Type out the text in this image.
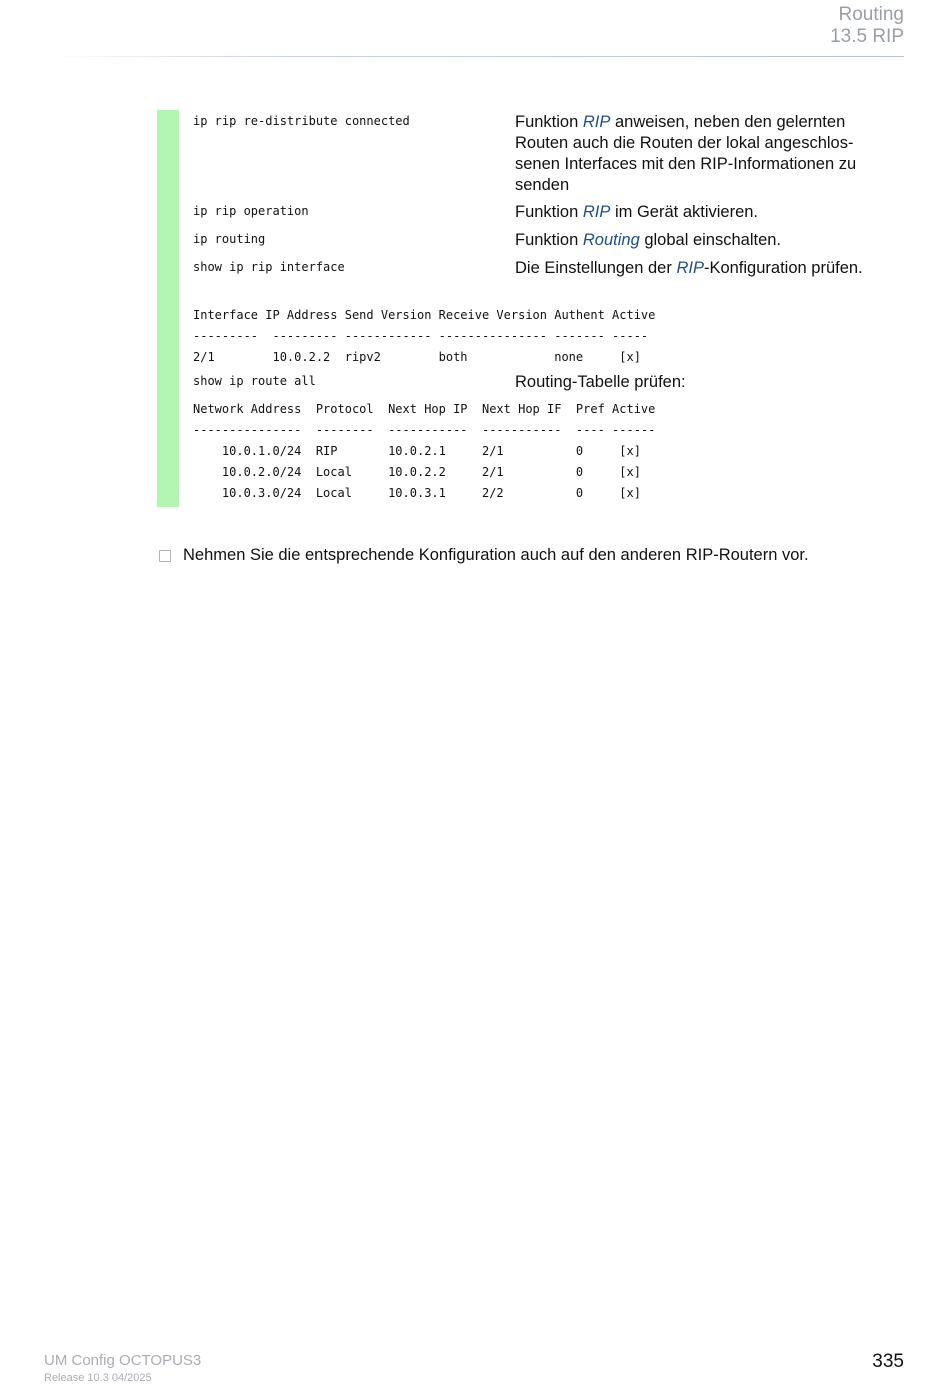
Routing
13.5 RIP
ip rip re-distribute connected	Funktion RIP anweisen, neben den gelernten
Routen auch die Routen der lokal angeschlos-
senen Interfaces mit den RIP-Informationen zu
senden
ip rip operation	Funktion RIP im Gerät aktivieren.
ip routing	Funktion Routing global einschalten.
show ip rip interface	Die Einstellungen der RIP-Konfiguration prüfen.
Interface IP Address Send Version Receive Version Authent Active
---------  --------- ------------ --------------- ------- -----
2/1        10.0.2.2  ripv2        both            none     [x]
show ip route all	Routing-Tabelle prüfen:
Network Address  Protocol  Next Hop IP  Next Hop IF  Pref Active
---------------  --------  -----------  -----------  ---- ------
10.0.1.0/24  RIP       10.0.2.1     2/1          0     [x]
10.0.2.0/24  Local     10.0.2.2     2/1          0     [x]
10.0.3.0/24  Local     10.0.3.1     2/2          0     [x]
Nehmen Sie die entsprechende Konfiguration auch auf den anderen RIP-Routern vor.
UM Config OCTOPUS3
Release 10.3 04/2025
335
